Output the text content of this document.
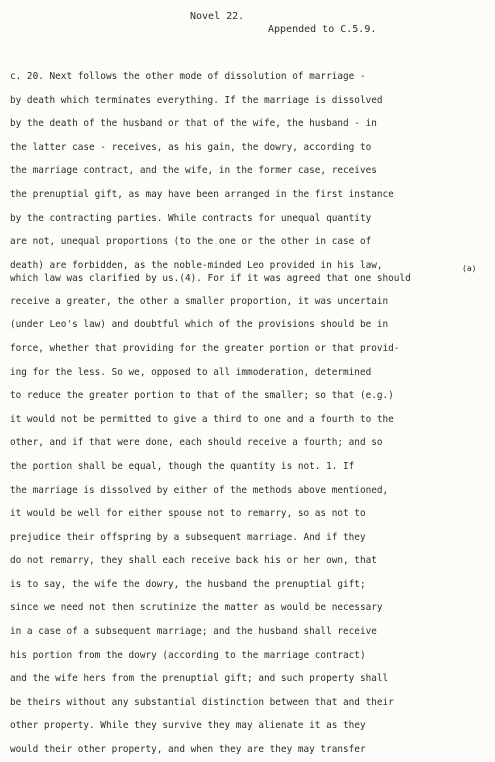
Novel 22.
Appended to C.5.9.
c. 20. Next follows the other mode of dissolution of marriage -
by death which terminates everything. If the marriage is dissolved
by the death of the husband or that of the wife, the husband - in
the latter case - receives, as his gain, the dowry, according to
the marriage contract, and the wife, in the former case, receives
the prenuptial gift, as may have been arranged in the first instance
by the contracting parties. While contracts for unequal quantity
are not, unequal proportions (to the one or the other in case of
death) are forbidden, as the noble-minded Leo provided in his law,
which law was clarified by us.(4). For if it was agreed that one should
receive a greater, the other a smaller proportion, it was uncertain
(under Leo's law) and doubtful which of the provisions should be in
force, whether that providing for the greater portion or that provid-
ing for the less. So we, opposed to all immoderation, determined
to reduce the greater portion to that of the smaller; so that (e.g.)
it would not be permitted to give a third to one and a fourth to the
other, and if that were done, each should receive a fourth; and so
the portion shall be equal, though the quantity is not. 1. If
the marriage is dissolved by either of the methods above mentioned,
it would be well for either spouse not to remarry, so as not to
prejudice their offspring by a subsequent marriage. And if they
do not remarry, they shall each receive back his or her own, that
is to say, the wife the dowry, the husband the prenuptial gift;
since we need not then scrutinize the matter as would be necessary
in a case of a subsequent marriage; and the husband shall receive
his portion from the dowry (according to the marriage contract)
and the wife hers from the prenuptial gift; and such property shall
be theirs without any substantial distinction between that and their
other property. While they survive they may alienate it as they
would their other property, and when they are they may transfer
(a)
